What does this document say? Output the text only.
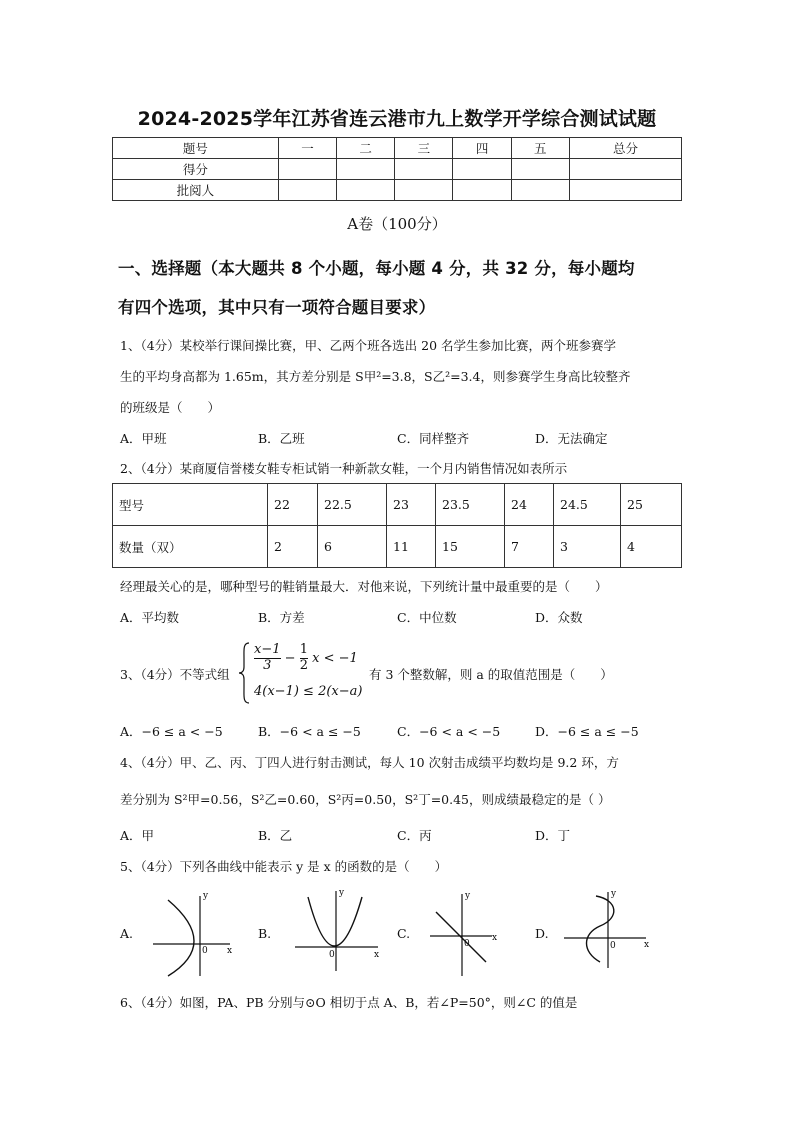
2024-2025学年江苏省连云港市九上数学开学综合测试试题
题号	一	二	三	四	五	总分
得分						
批阅人						
A卷（100分）
一、选择题（本大题共 8 个小题，每小题 4 分，共 32 分，每小题均
有四个选项，其中只有一项符合题目要求）
1、（4分）某校举行课间操比赛，甲、乙两个班各选出 20 名学生参加比赛，两个班参赛学
生的平均身高都为 1.65m，其方差分别是 S甲²=3.8，S乙²=3.4，则参赛学生身高比较整齐
的班级是（　　）
A．甲班	B．乙班	C．同样整齐	D．无法确定
2、（4分）某商厦信誉楼女鞋专柜试销一种新款女鞋，一个月内销售情况如表所示
型号	22	22.5	23	23.5	24	24.5	25
数量（双）	2	6	11	15	7	3	4
经理最关心的是，哪种型号的鞋销量最大．对他来说，下列统计量中最重要的是（　　）
A．平均数	B．方差	C．中位数	D．众数
3、（4分）不等式组
$\frac{x-1}{3} - \frac{1}{2}$ x < −1
4(x−1) ≤ 2(x−a)
有 3 个整数解，则 a 的取值范围是（　　）
A．−6 ≤ a < −5	B．−6 < a ≤ −5	C．−6 < a < −5	D．−6 ≤ a ≤ −5
4、（4分）甲、乙、丙、丁四人进行射击测试，每人 10 次射击成绩平均数均是 9.2 环，方
差分别为 S²甲=0.56，S²乙=0.60，S²丙=0.50，S²丁=0.45，则成绩最稳定的是（ ）
A．甲	B．乙	C．丙	D．丁
5、（4分）下列各曲线中能表示 y 是 x 的函数的是（　　）
A.
y
x
0
B.
y
x
0
C.
y
x
0
D.
y
x
0
6、（4分）如图，PA、PB 分别与⊙O 相切于点 A、B，若∠P=50°，则∠C 的值是
